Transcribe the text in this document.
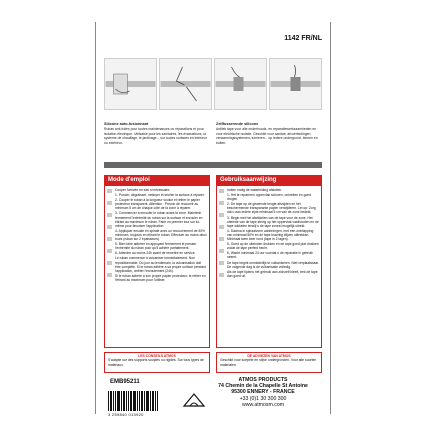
1142 FR/NL
Silicone auto-fusionnant
Ruban anti-fuites pour toutes maintenances ou réparations et pour isolation électrique. Utilisable pour les sanitaires, les évacuations, la systeme de chauffage, le jardinage... sur toutes surfaces en intérieur ou extérieur.
Zelffusserende silicone
Antilek tape voor alle onderhouds- en reparatiewerkzaamheden en voor elektrische isolatie. Geschikt voor sanitair, afvoerleidingen, verwarmingssystemen, tuinieren... op iedere ondergrond, binnen en buiten.
Mode d'emploi	Gebruiksaanwijzing
Couper l'arrivée en eau si nécessaire.
1- Poncer, dégraisser, nettoyer et sécher la surface à réparer.
2- Couper le ruban à la longueur voulue et retirer le papier protecteur transparent. Attention : Prévoir de recouvrir au minimum 5 cm de chaque côté de la zone à réparer.
3- Commencer à enrouler le ruban avant la zone. Maintenir fermement l'extrémité du ruban sur la surface et enrouler en étirant au maximum le ruban. Faire un premier tour sur lui-même pour favoriser l'application.
4- Appliquer ensuite en spirale avec un recouvrement de 50% minimum, toujours en étirant le ruban. Effectuer au moins deux tours (ruban sur 2 épaisseurs).
5- Bien faire adhérer en appuyant fermement et presser l'extrémité du ruban pour qu'il adhère parfaitement.
6- Attendre au moins 24h avant de remettre en service.
Le ruban commence à vulcaniser immédiatement. Non repositionnable. Du jour au lendemain, la vulcanisation doit être complète. Si le ruban adhère à sa propre surface pendant l'application, arrêter l'enroulement (24h).
Si le ruban adhère à son propre papier protecteur, le retirer en l'étirant au maximum pour l'utiliser.
Indien nodig de waterleiding afsluiten.
1- Het te repareren oppervlak schuren, ontvetten en goed drogen.
2- De tape op de gewenste lengte afsnijden en het beschermende transparante papier verwijderen. Let op: Zorg dat u aan iedere zijde minimaal 5 cm van de zone bedekt.
3- Begin met het afwikkelen van de tape voor de zone. Het uiteinde van de tape stevig op het oppervlak vasthouden en de tape wikkelen terwijl u de tape zoveel mogelijk uitrekt.
4- Daarna in spiraalvorm aanbrengen, met een overlapping van minimaal 50% en de tape krachtig blijven uittrekken. Minimaal twee keer rond (tape in 2 lagen).
5- Goed op de uiteinden drukken en de tape goed plat drukken zodat de tape perfect hecht.
6- Wacht minimaal 24 uur voordat u de reparatie in gebruik neemt.
De tape begint onmiddellijk te vulkaniseren. Niet verplaatsbaar. De volgende dag is de vulkanisatie volledig.
Als de tape tijdens het gebruik aan zichzelf kleeft, trek de tape dan goed uit.
LES CONSEILS ATMOS
S'adapte sur des supports souples ou rigides. Sur tous types de matériaux.
DE ADVIEZEN VAN ATMOS
Geschikt voor soepele en stijve ondergronden. Voor alle soorten materialen.
EMB95211
3 259840 013920
ATMOS PRODUCTS
74 Chemin de la Chapelle St Antoine
95300 ENNERY - FRANCE
+33 (0)1 30 300 300
www.atmosm.com
